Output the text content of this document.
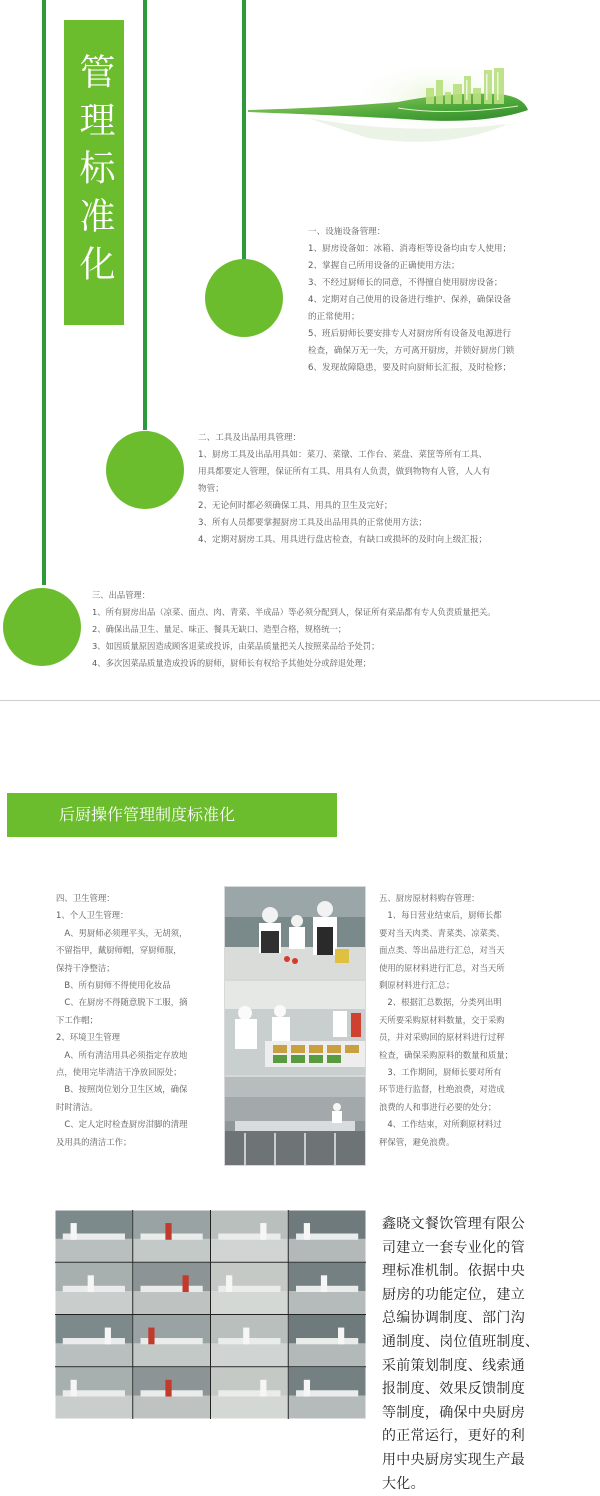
管理标准化	一、设施设备管理：
1、厨房设备如：冰箱、消毒柜等设备均由专人使用；
2、掌握自己所用设备的正确使用方法；
3、不经过厨师长的同意，不得擅自使用厨房设备；
4、定期对自己使用的设备进行维护、保养，确保设备
的正常使用；
5、班后厨师长要安排专人对厨房所有设备及电源进行
检查，确保万无一失，方可离开厨房，并锁好厨房门锁
6、发现故障隐患，要及时向厨师长汇报，及时检修；
二、工具及出品用具管理：
1、厨房工具及出品用具如：菜刀、菜镦、工作台、菜盘、菜筐等所有工具、
用具都要定人管理，保证所有工具、用具有人负责，做到物物有人管，人人有
物管；
2、无论何时都必须确保工具、用具的卫生及完好；
3、所有人员都要掌握厨房工具及出品用具的正常使用方法；
4、定期对厨房工具、用具进行盘店检查，有缺口或损坏的及时向上级汇报；
三、出品管理：
1、所有厨房出品（凉菜、面点、肉、青菜、半成品）等必须分配到人，保证所有菜品都有专人负责质量把关。
2、确保出品卫生、量足、味正、餐具无缺口、造型合格，规格统一；
3、如因质量原因造成顾客退菜或投诉，由菜品质量把关人按照菜品给予处罚；
4、多次因菜品质量造成投诉的厨师，厨师长有权给予其他处分或辞退处理；
后厨操作管理制度标准化
四、卫生管理：
1、个人卫生管理：
　A、男厨师必须理平头，无胡须，
不留指甲，戴厨师帽，穿厨师服，
保持干净整洁；
　B、所有厨师不得使用化妆品
　C、在厨房不得随意脱下工服，摘
下工作帽；
2、环境卫生管理
　A、所有清洁用具必须指定存放地
点，使用完毕清洁干净放回原处；
　B、按照岗位划分卫生区域，确保
时时清洁。
　C、定人定时检查厨房泔脚的清理
及用具的清洁工作；
五、厨房原材料购存管理：
　1、每日营业结束后，厨师长都
要对当天肉类、青菜类、凉菜类、
面点类、等出品进行汇总，对当天
使用的原材料进行汇总，对当天所
剩原材料进行汇总；
　2、根据汇总数据，分类列出明
天所要采购原材料数量，交于采购
员，并对采购回的原材料进行过秤
检查，确保采购原料的数量和质量；
　3、工作期间，厨师长要对所有
环节进行监督，杜绝浪费，对造成
浪费的人和事进行必要的处分；
　4、工作结束，对所剩原材料过
秤保管，避免浪费。
鑫晓文餐饮管理有限公
司建立一套专业化的管
理标准机制。依据中央
厨房的功能定位，建立
总编协调制度、部门沟
通制度、岗位值班制度、
采前策划制度、线索通
报制度、效果反馈制度
等制度，确保中央厨房
的正常运行，更好的利
用中央厨房实现生产最
大化。
